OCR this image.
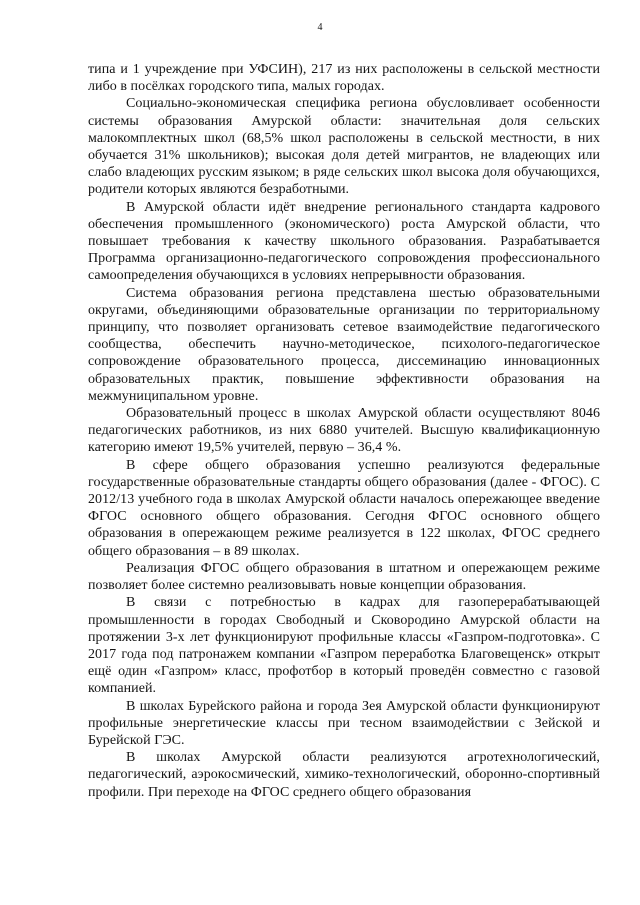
4

типа и 1 учреждение при УФСИН), 217 из них расположены в сельской местности либо в посёлках городского типа, малых городах.

Социально-экономическая специфика региона обусловливает особенности системы образования Амурской области: значительная доля сельских малокомплектных школ (68,5% школ расположены в сельской местности, в них обучается 31% школьников); высокая доля детей мигрантов, не владеющих или слабо владеющих русским языком; в ряде сельских школ высока доля обучающихся, родители которых являются безработными.

В Амурской области идёт внедрение регионального стандарта кадрового обеспечения промышленного (экономического) роста Амурской области, что повышает требования к качеству школьного образования. Разрабатывается Программа организационно-педагогического сопровождения профессионального самоопределения обучающихся в условиях непрерывности образования.

Система образования региона представлена шестью образовательными округами, объединяющими образовательные организации по территориальному принципу, что позволяет организовать сетевое взаимодействие педагогического сообщества, обеспечить научно-методическое, психолого-педагогическое сопровождение образовательного процесса, диссеминацию инновационных образовательных практик, повышение эффективности образования на межмуниципальном уровне.

Образовательный процесс в школах Амурской области осуществляют 8046 педагогических работников, из них 6880 учителей. Высшую квалификационную категорию имеют 19,5% учителей, первую – 36,4 %.

В сфере общего образования успешно реализуются федеральные государственные образовательные стандарты общего образования (далее - ФГОС). С 2012/13 учебного года в школах Амурской области началось опережающее введение ФГОС основного общего образования. Сегодня ФГОС основного общего образования в опережающем режиме реализуется в 122 школах, ФГОС среднего общего образования – в 89 школах.

Реализация ФГОС общего образования в штатном и опережающем режиме позволяет более системно реализовывать новые концепции образования.

В связи с потребностью в кадрах для газоперерабатывающей промышленности в городах Свободный и Сковородино Амурской области на протяжении 3-х лет функционируют профильные классы «Газпром-подготовка». С 2017 года под патронажем компании «Газпром переработка Благовещенск» открыт ещё один «Газпром» класс, профотбор в который проведён совместно с газовой компанией.

В школах Бурейского района и города Зея Амурской области функционируют профильные энергетические классы при тесном взаимодействии с Зейской и Бурейской ГЭС.

В школах Амурской области реализуются агротехнологический, педагогический, аэрокосмический, химико-технологический, оборонно-спортивный профили. При переходе на ФГОС среднего общего образования
